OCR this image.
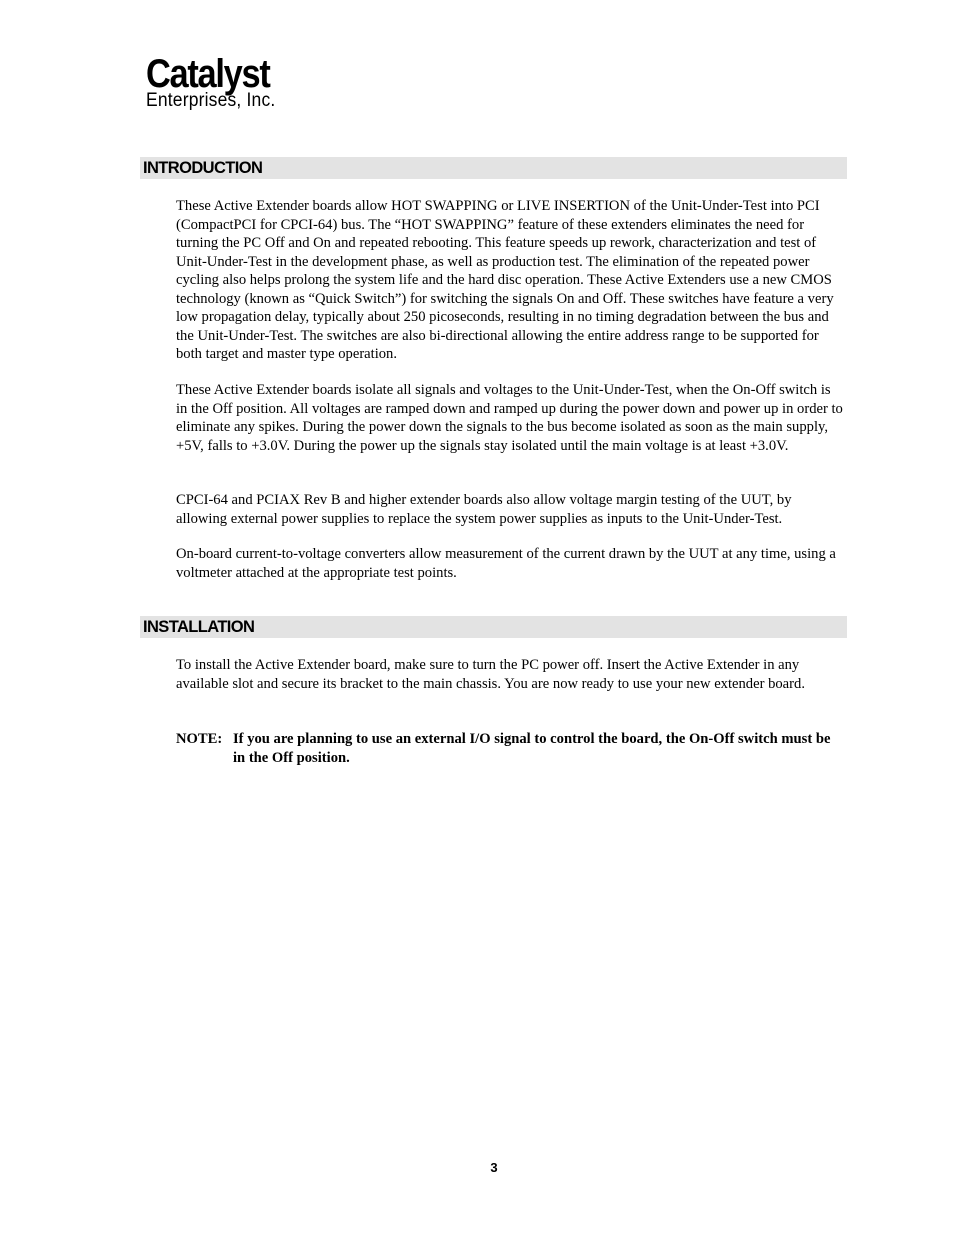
Catalyst
Enterprises, Inc.
INTRODUCTION

These Active Extender boards allow HOT SWAPPING or LIVE INSERTION of the Unit-Under-Test into PCI (CompactPCI for CPCI-64) bus. The “HOT SWAPPING” feature of these extenders eliminates the need for turning the PC Off and On and repeated rebooting. This feature speeds up rework, characterization and test of Unit-Under-Test in the development phase, as well as production test. The elimination of the repeated power cycling also helps prolong the system life and the hard disc operation. These Active Extenders use a new CMOS technology (known as “Quick Switch”) for switching the signals On and Off. These switches have feature a very low propagation delay, typically about 250 picoseconds, resulting in no timing degradation between the bus and the Unit-Under-Test. The switches are also bi-directional allowing the entire address range to be supported for both target and master type operation.

These Active Extender boards isolate all signals and voltages to the Unit-Under-Test, when the On-Off switch is in the Off position. All voltages are ramped down and ramped up during the power down and power up in order to eliminate any spikes. During the power down the signals to the bus become isolated as soon as the main supply, +5V, falls to +3.0V. During the power up the signals stay isolated until the main voltage is at least +3.0V.

CPCI-64 and PCIAX Rev B and higher extender boards also allow voltage margin testing of the UUT, by allowing external power supplies to replace the system power supplies as inputs to the Unit-Under-Test.

On-board current-to-voltage converters allow measurement of the current drawn by the UUT at any time, using a voltmeter attached at the appropriate test points.

INSTALLATION

To install the Active Extender board, make sure to turn the PC power off. Insert the Active Extender in any available slot and secure its bracket to the main chassis. You are now ready to use your new extender board.

NOTE: If you are planning to use an external I/O signal to control the board, the On-Off switch must be in the Off position.
3
